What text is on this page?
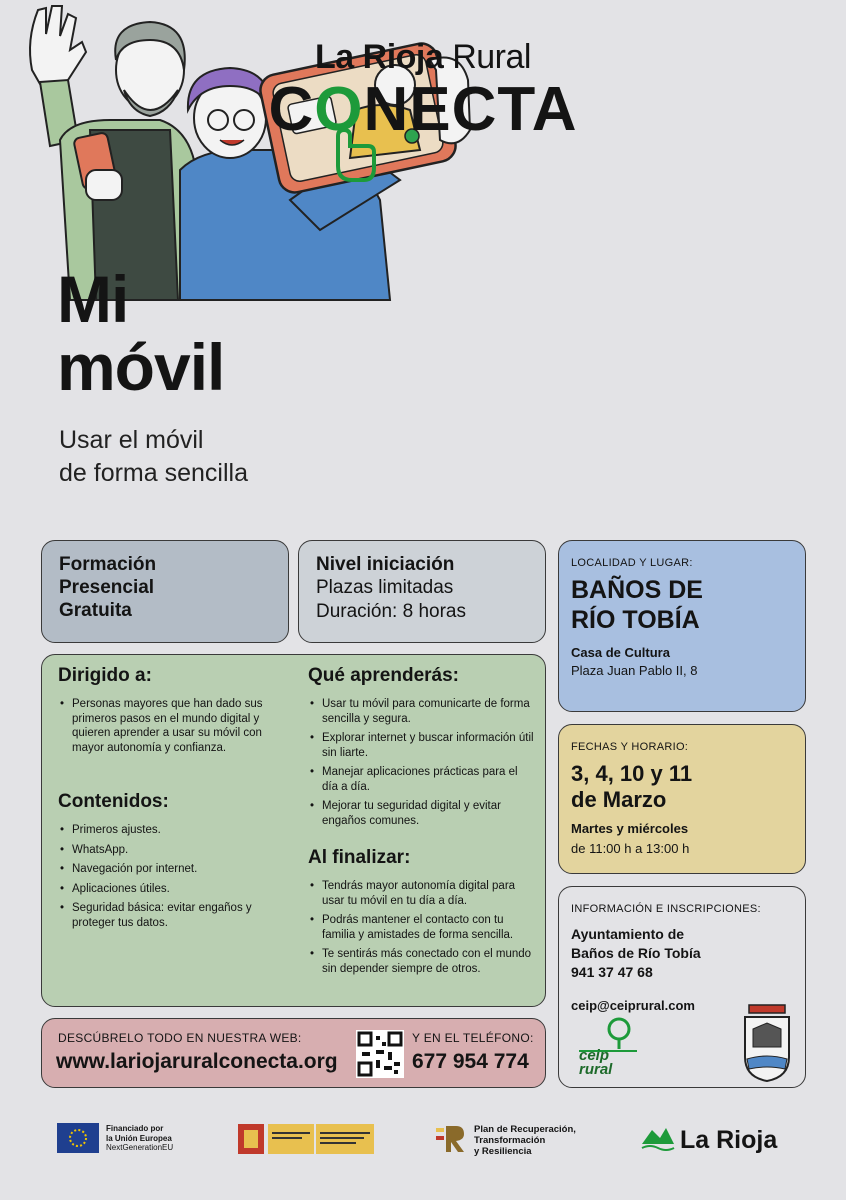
La Rioja Rural
CONECTA
Mi
móvil
Usar el móvil
de forma sencilla
Formación
Presencial
Gratuita
Nivel iniciación
Plazas limitadas
Duración: 8 horas
Dirigido a:
• Personas mayores que han dado sus primeros pasos en el mundo digital y quieren aprender a usar su móvil con mayor autonomía y confianza.
Contenidos:
• Primeros ajustes.
• WhatsApp.
• Navegación por internet.
• Aplicaciones útiles.
• Seguridad básica: evitar engaños y proteger tus datos.
Qué aprenderás:
• Usar tu móvil para comunicarte de forma sencilla y segura.
• Explorar internet y buscar información útil sin liarte.
• Manejar aplicaciones prácticas para el día a día.
• Mejorar tu seguridad digital y evitar engaños comunes.
Al finalizar:
• Tendrás mayor autonomía digital para usar tu móvil en tu día a día.
• Podrás mantener el contacto con tu familia y amistades de forma sencilla.
• Te sentirás más conectado con el mundo sin depender siempre de otros.
LOCALIDAD Y LUGAR:
BAÑOS DE
RÍO TOBÍA
Casa de Cultura
Plaza Juan Pablo II, 8
FECHAS Y HORARIO:
3, 4, 10 y 11
de Marzo
Martes y miércoles
de 11:00 h a 13:00 h
INFORMACIÓN E INSCRIPCIONES:
Ayuntamiento de
Baños de Río Tobía
941 37 47 68
ceip@ceiprural.com
ceip rural
DESCÚBRELO TODO EN NUESTRA WEB:
www.lariojaruralconecta.org
Y EN EL TELÉFONO:
677 954 774
Financiado por
la Unión Europea
NextGenerationEU
Plan de Recuperación,
Transformación
y Resiliencia	La Rioja
